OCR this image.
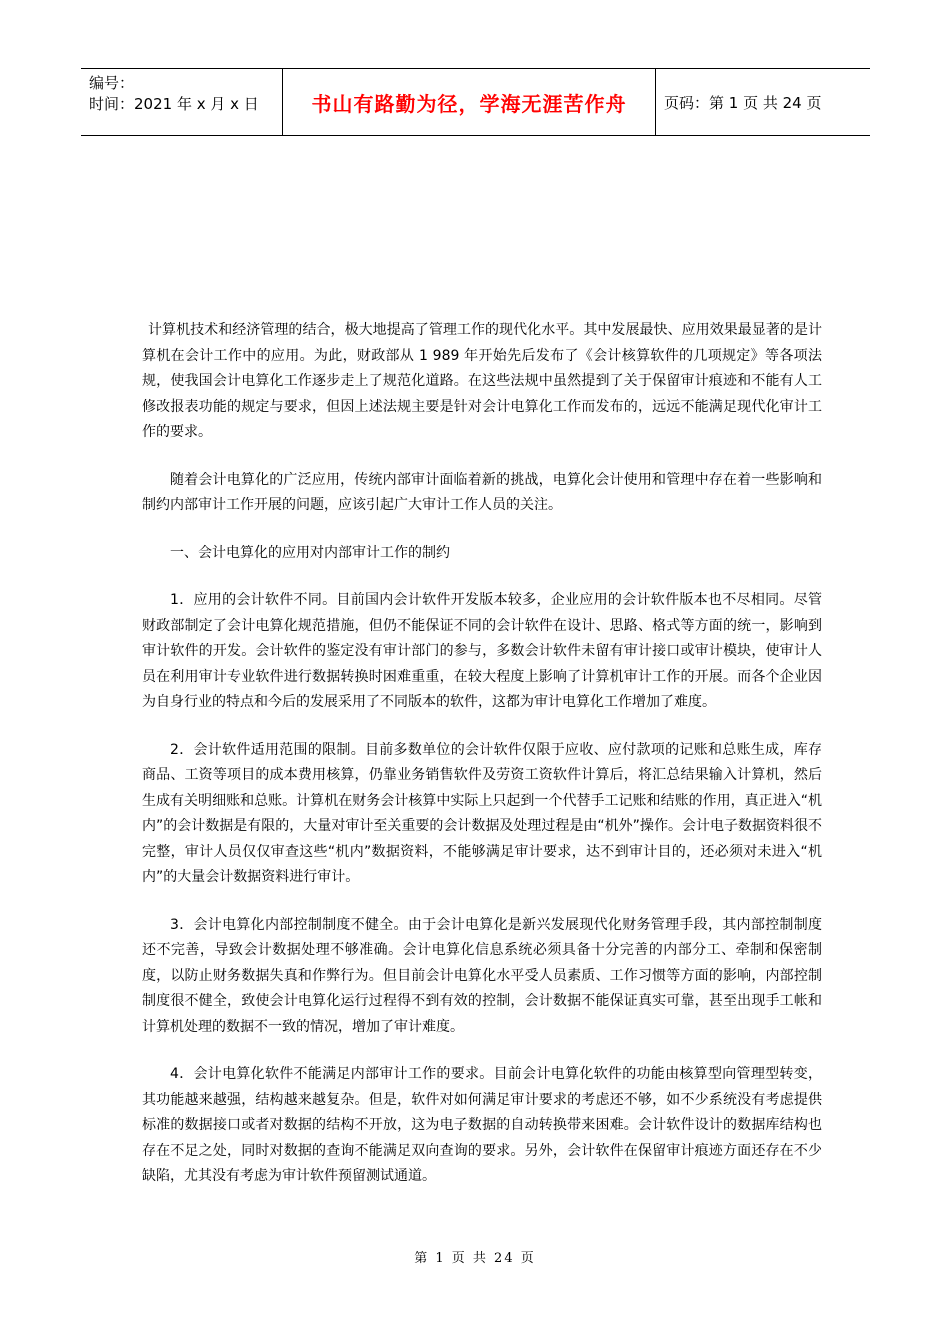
编号：
时间：2021 年 x 月 x 日	书山有路勤为径，学海无涯苦作舟	页码：第 1 页 共 24 页

计算机技术和经济管理的结合，极大地提高了管理工作的现代化水平。其中发展最快、应用效果最显著的是计算机在会计工作中的应用。为此，财政部从 1 989 年开始先后发布了《会计核算软件的几项规定》等各项法规，使我国会计电算化工作逐步走上了规范化道路。在这些法规中虽然提到了关于保留审计痕迹和不能有人工修改报表功能的规定与要求，但因上述法规主要是针对会计电算化工作而发布的，远远不能满足现代化审计工作的要求。

随着会计电算化的广泛应用，传统内部审计面临着新的挑战，电算化会计使用和管理中存在着一些影响和制约内部审计工作开展的问题，应该引起广大审计工作人员的关注。

一、会计电算化的应用对内部审计工作的制约

1．应用的会计软件不同。目前国内会计软件开发版本较多，企业应用的会计软件版本也不尽相同。尽管财政部制定了会计电算化规范措施，但仍不能保证不同的会计软件在设计、思路、格式等方面的统一，影响到审计软件的开发。会计软件的鉴定没有审计部门的参与，多数会计软件未留有审计接口或审计模块，使审计人员在利用审计专业软件进行数据转换时困难重重，在较大程度上影响了计算机审计工作的开展。而各个企业因为自身行业的特点和今后的发展采用了不同版本的软件，这都为审计电算化工作增加了难度。

2．会计软件适用范围的限制。目前多数单位的会计软件仅限于应收、应付款项的记账和总账生成，库存商品、工资等项目的成本费用核算，仍靠业务销售软件及劳资工资软件计算后，将汇总结果输入计算机，然后生成有关明细账和总账。计算机在财务会计核算中实际上只起到一个代替手工记账和结账的作用，真正进入“机内”的会计数据是有限的，大量对审计至关重要的会计数据及处理过程是由“机外”操作。会计电子数据资料很不完整，审计人员仅仅审查这些“机内”数据资料，不能够满足审计要求，达不到审计目的，还必须对未进入“机内”的大量会计数据资料进行审计。

3．会计电算化内部控制制度不健全。由于会计电算化是新兴发展现代化财务管理手段，其内部控制制度还不完善，导致会计数据处理不够准确。会计电算化信息系统必须具备十分完善的内部分工、牵制和保密制度，以防止财务数据失真和作弊行为。但目前会计电算化水平受人员素质、工作习惯等方面的影响，内部控制制度很不健全，致使会计电算化运行过程得不到有效的控制，会计数据不能保证真实可靠，甚至出现手工帐和计算机处理的数据不一致的情况，增加了审计难度。

4．会计电算化软件不能满足内部审计工作的要求。目前会计电算化软件的功能由核算型向管理型转变，其功能越来越强，结构越来越复杂。但是，软件对如何满足审计要求的考虑还不够，如不少系统没有考虑提供标准的数据接口或者对数据的结构不开放，这为电子数据的自动转换带来困难。会计软件设计的数据库结构也存在不足之处，同时对数据的查询不能满足双向查询的要求。另外，会计软件在保留审计痕迹方面还存在不少缺陷，尤其没有考虑为审计软件预留测试通道。

第 1 页 共 24 页
